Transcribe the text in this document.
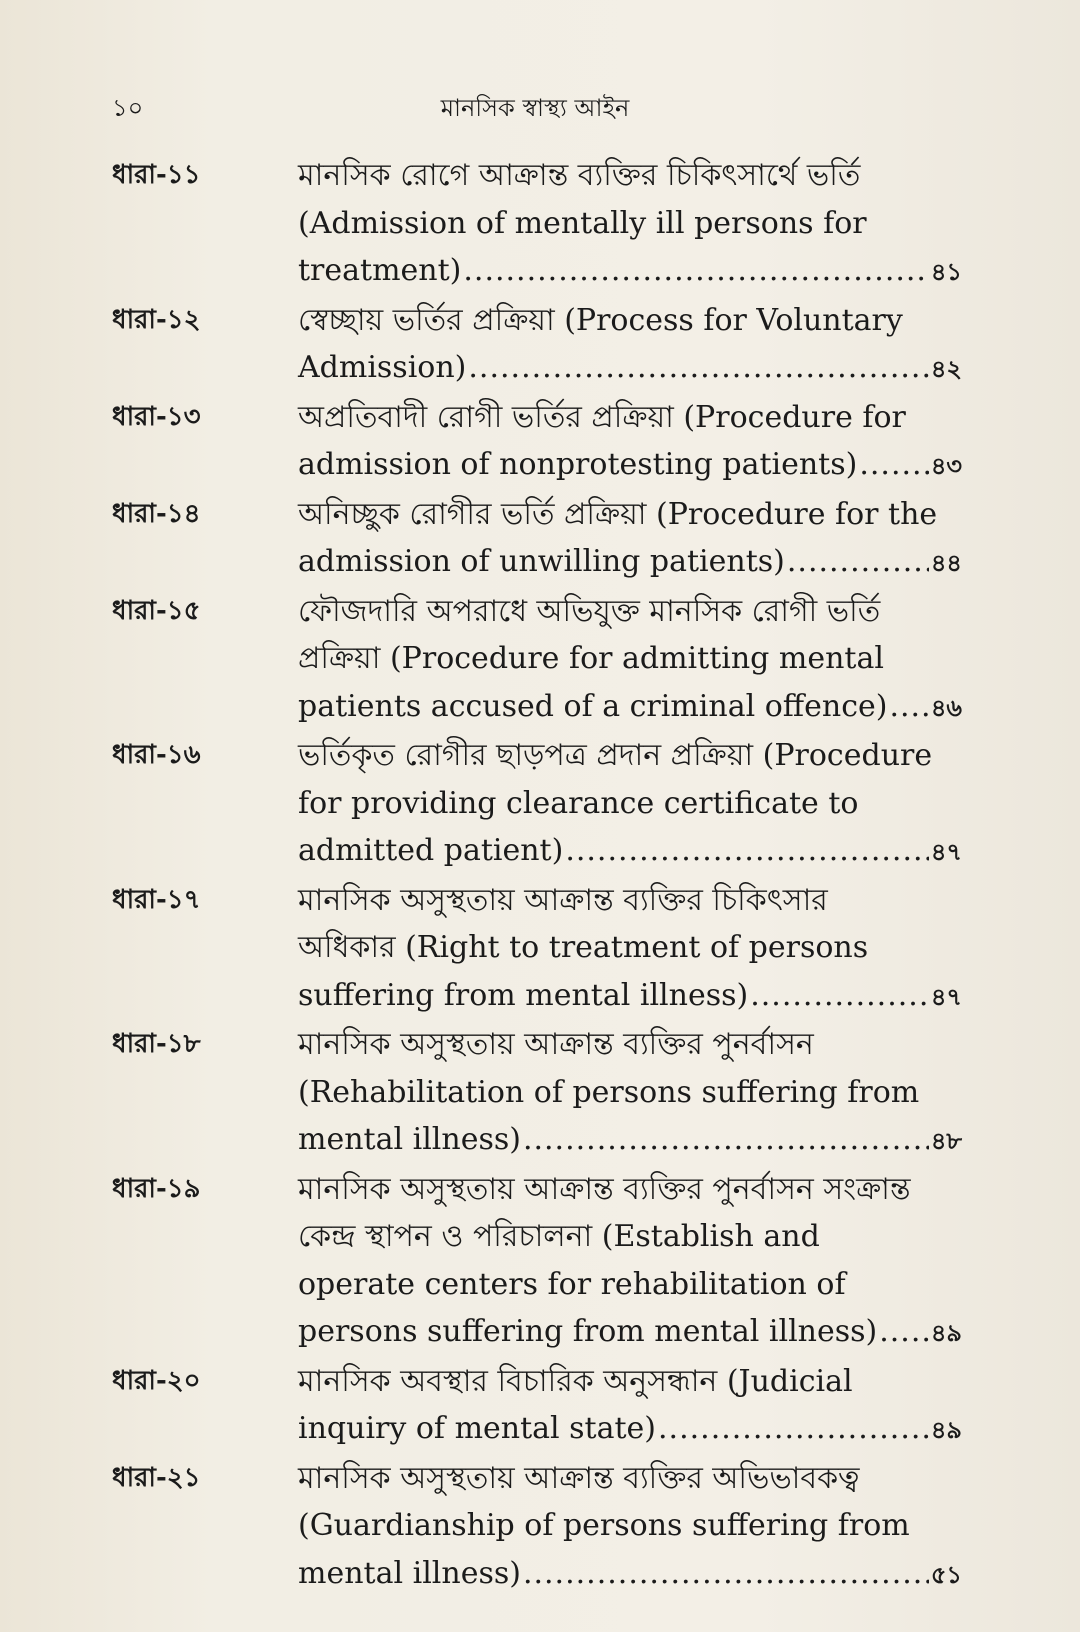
১০	মানসিক স্বাস্থ্য আইন
ধারা-১১	মানসিক রোগে আক্রান্ত ব্যক্তির চিকিৎসার্থে ভর্তি
(Admission of mentally ill persons for
treatment) .....	৪১
ধারা-১২	স্বেচ্ছায় ভর্তির প্রক্রিয়া (Process for Voluntary
Admission) .....	৪২
ধারা-১৩	অপ্রতিবাদী রোগী ভর্তির প্রক্রিয়া (Procedure for
admission of nonprotesting patients) .....	৪৩
ধারা-১৪	অনিচ্ছুক রোগীর ভর্তি প্রক্রিয়া (Procedure for the
admission of unwilling patients) .....	৪৪
ধারা-১৫	ফৌজদারি অপরাধে অভিযুক্ত মানসিক রোগী ভর্তি
প্রক্রিয়া (Procedure for admitting mental
patients accused of a criminal offence) ..... ৪৬
ধারা-১৬	ভর্তিকৃত রোগীর ছাড়পত্র প্রদান প্রক্রিয়া (Procedure
for providing clearance certificate to
admitted patient) .....	৪৭
ধারা-১৭	মানসিক অসুস্থতায় আক্রান্ত ব্যক্তির চিকিৎসার
অধিকার (Right to treatment of persons
suffering from mental illness) .....	৪৭
ধারা-১৮	মানসিক অসুস্থতায় আক্রান্ত ব্যক্তির পুনর্বাসন
(Rehabilitation of persons suffering from
mental illness) .....	৪৮
ধারা-১৯	মানসিক অসুস্থতায় আক্রান্ত ব্যক্তির পুনর্বাসন সংক্রান্ত
কেন্দ্র স্থাপন ও পরিচালনা (Establish and
operate centers for rehabilitation of
persons suffering from mental illness) ..... ৪৯
ধারা-২০	মানসিক অবস্থার বিচারিক অনুসন্ধান (Judicial
inquiry of mental state) .....	৪৯
ধারা-২১	মানসিক অসুস্থতায় আক্রান্ত ব্যক্তির অভিভাবকত্ব
(Guardianship of persons suffering from
mental illness) .....	৫১
